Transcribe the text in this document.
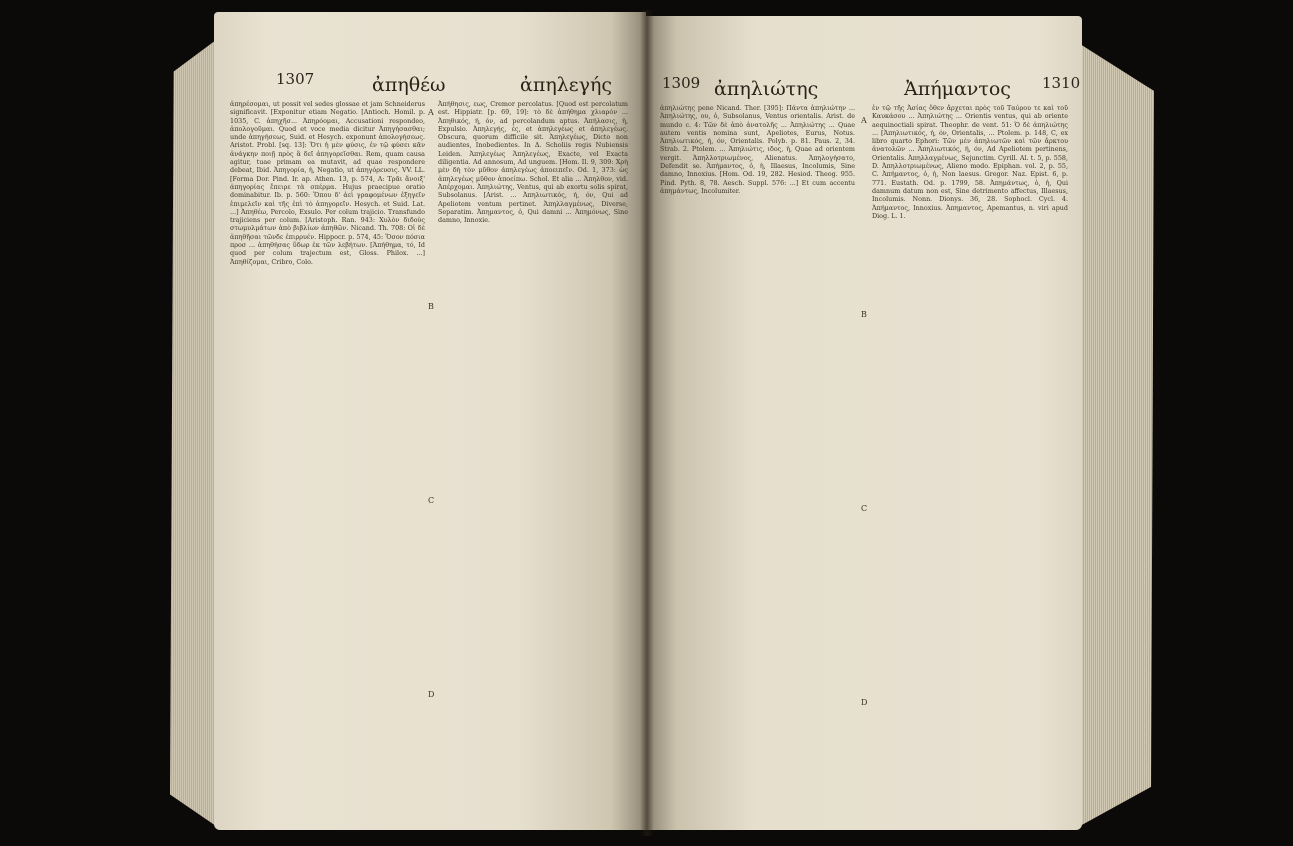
1307	ἀπηθέω	ἀπηλεγής

ἀπηρέσομαι, ut possit vel sedes glossae et jam Schneiderus significavit. [Exponitur etiam Negatio. [Antioch. Homil. p. 1035, C. ἀπηχῆσ... Ἀπηρόομαι, Accusationi respondeo, ἀπολογοῦμαι. Quod et voce media dicitur Ἀπηγήσασθαι; unde ἀπηγήσεως, Suid. et Hesych. exponunt ἀπολογήσεως. Aristot. Probl. [sq. 13]: Ὅτι ἡ μὲν φύσις, ἐν τῷ φύσει κᾶν ἀνάγκην ποιῇ πρὸς ἃ δεῖ ἀπηγορεῖσθαι. Rem, quam causa agitur, tuae primam ea mutavit, ad quae respondere debeat, Ibid. Ἀπηγορία, ἡ, Negatio, ut ἀπηγόρευσις. VV. LL. [Forma Dor. Pind. Ir. ap. Athen. 13, p. 574, A: Τρᾶι ἄνοιξ' ἀπηγορίας ἔπειρε τὰ σπέρμα. Hujus praecipue oratio dominabitur. Ib. p. 560: Ὅπου δ' ἀεὶ γραφομένων ἐξηγεῖν ἐπιμελεῖν καὶ τῆς ἐπὶ τὸ ἀπηγορεῖν. Hesych. et Suid. Lat. ...] Ἀπηθέω, Percolo, Exsulo. Per colum trajicio. Transfundo trajiciens per colum. [Aristoph. Ran. 943: Χυλὸν διδοὺς στωμυλμάτων ἀπὸ βιβλίων ἀπηθῶν. Nicand. Th. 708: Οἱ δὲ ἀπηθῆσαι τῶνδε ἐπιρρυέν. Hippocr. p. 574, 45: Ὅσον πόσια προσ ... ἀπηθήσας ὕδωρ ἐκ τῶν λεβήτων. [Ἀπήθημα, τό, Id quod per colum trajectum est, Gloss. Philox. ...] Ἀπηθίζομαι, Cribro, Colo.

Ἀπήθησις, εως, Cremor percolatus. [Quod est percolatum est. Hippiatr. [p. 69, 19]: τὸ δὲ ἀπήθημα χλιαρόν ... Ἀπηθικός, ή, όν, ad percolandum aptus. Ἀπήλασις, ἡ, Expulsio. Ἀπηλεγής, ές, et ἀπηλεγέως et ἀπηλεγέως. Obscura, quorum difficile sit. Ἀπηλεγέως, Dicto non audientes, Inobedientes. In Δ. Scholiis regis Nubiensis Leiden. Ἀπηλεγέως Ἀπηλεγέως, Exacte, vel Exacta diligentia. Ad annosum, Ad unguem. [Hom. Il. 9, 309: Χρὴ μὲν δὴ τὸν μῦθον ἀπηλεγέως ἀποειπεῖν. Od. 1, 373: ὡς ἀπηλεγέως μῦθον ἀποείπω. Schol. Et alia ... Ἀπηλθον, vid. Ἀπέρχομαι. Ἀπηλιώτης, Ventus, qui ab exortu solis spirat, Subsolanus. [Arist. ... Ἀπηλιωτικός, ή, όν, Qui ad Apeliotem ventum pertinet. Ἀπηλλαγμένως, Diverse, Separatim. Ἀπημαντος, ὁ, Qui damni ... Ἀπημόνως, Sine damno, Innoxie.

A
B
C
D
1309 ἀπηλιώτης	Ἀπήμαντος 1310

ἀπηλιώτης pene Nicand. Ther. [395]: Πάντα ἀπηλιώτην ... Ἀπηλιώτης, ου, ὁ, Subsolanus, Ventus orientalis. Arist. de mundo c. 4: Τῶν δὲ ἀπὸ ἀνατολῆς ... Ἀπηλιώτης ... Quae autem ventis nomina sunt, Apeliotes, Eurus, Notus. Ἀπηλιωτικός, ή, όν, Orientalis. Polyb. p. 81. Paus. 2, 34. Strab. 2. Ptolem. ... Ἀπηλιώτις, ιδος, ἡ, Quae ad orientem vergit. Ἀπηλλοτριωμένος, Alienatus. Ἀπηλογήσατο, Defendit se. Ἀπήμαντος, ὁ, ἡ, Illaesus, Incolumis, Sine damno, Innoxius. [Hom. Od. 19, 282. Hesiod. Theog. 955. Pind. Pyth. 8, 78. Aesch. Suppl. 576: ...] Et cum accentu ἀπημάντως, Incolumiter.

ἐν τῷ τῆς Ἀσίας ὅθεν ἄρχεται πρὸς τοῦ Ταύρου τε καὶ τοῦ Καυκάσου ... Ἀπηλιώτης ... Orientis ventus, qui ab oriente aequinoctiali spirat. Theophr. de vent. 51: Ὁ δὲ ἀπηλιώτης ... [Ἀπηλιωτικός, ή, όν, Orientalis, ... Ptolem. p. 148, C, ex libro quarto Ephori: Τῶν μὲν ἀπηλιωτῶν καὶ τῶν ἄρκτου ἀνατολῶν ... Ἀπηλιωτικός, ή, όν, Ad Apeliotem pertinens, Orientalis. Ἀπηλλαγμένως, Sejunctim. Cyrill. Al. t. 5, p. 558, D. Ἀπηλλοτριωμένως, Alieno modo. Epiphan. vol. 2, p. 55, C. Ἀπήμαντος, ὁ, ἡ, Non laesus. Gregor. Naz. Epist. 6, p. 771. Eustath. Od. p. 1799, 58. Ἀπημάντως, ὁ, ἡ, Qui damnum datum non est, Sine detrimento affectus, Illaesus, Incolumis. Nonn. Dionys. 36, 28. Sophocl. Cycl. 4. Ἀπήμαντος, Innoxius. Ἀπημαντος, Apemantus, n. viri apud Diog. L. 1.

A
B
C
D
